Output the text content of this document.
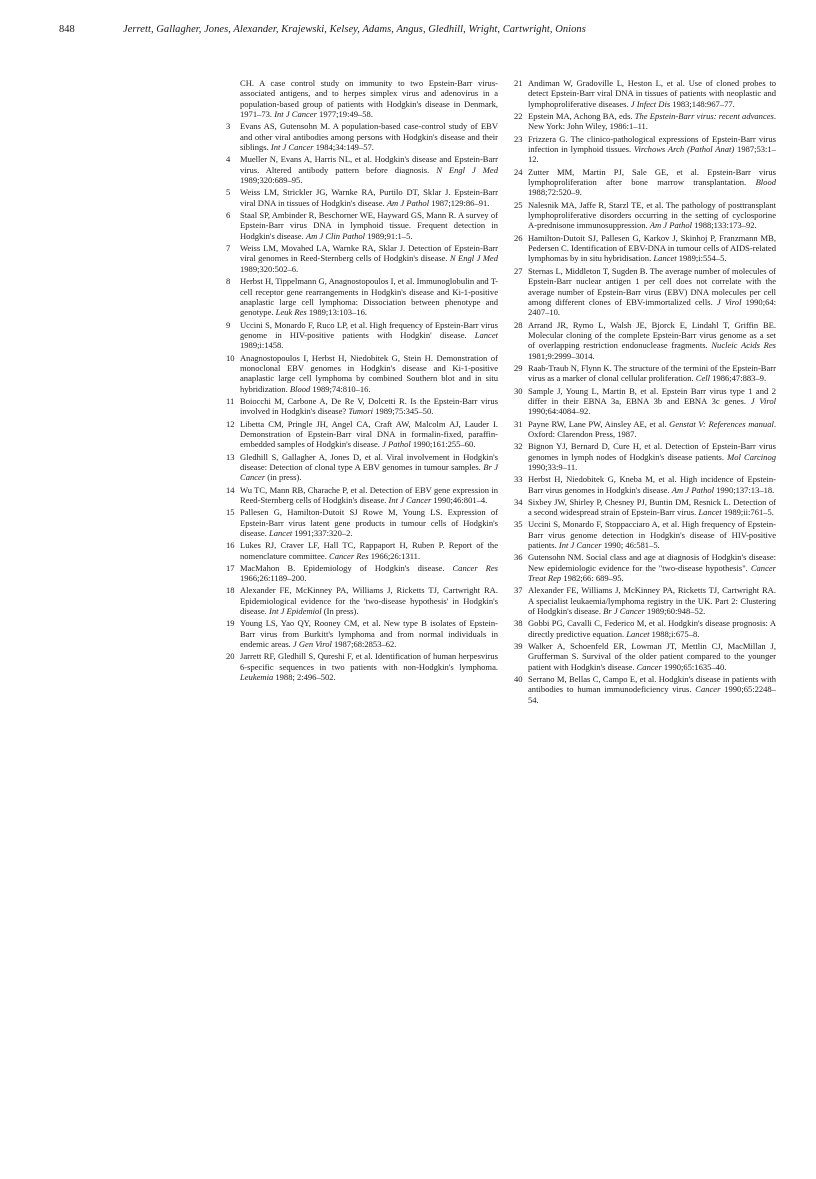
848	Jerrett, Gallagher, Jones, Alexander, Krajewski, Kelsey, Adams, Angus, Gledhill, Wright, Cartwright, Onions
CH. A case control study on immunity to two Epstein-Barr virus-associated antigens, and to herpes simplex virus and adenovirus in a population-based group of patients with Hodgkin's disease in Denmark, 1971–73. Int J Cancer 1977;19:49–58.
3	Evans AS, Gutensohn M. A population-based case-control study of EBV and other viral antibodies among persons with Hodgkin's disease and their siblings. Int J Cancer 1984;34:149–57.
4	Mueller N, Evans A, Harris NL, et al. Hodgkin's disease and Epstein-Barr virus. Altered antibody pattern before diagnosis. N Engl J Med 1989;320:689–95.
5	Weiss LM, Strickler JG, Warnke RA, Purtilo DT, Sklar J. Epstein-Barr viral DNA in tissues of Hodgkin's disease. Am J Pathol 1987;129:86–91.
6	Staal SP, Ambinder R, Beschorner WE, Hayward GS, Mann R. A survey of Epstein-Barr virus DNA in lymphoid tissue. Frequent detection in Hodgkin's disease. Am J Clin Pathol 1989;91:1–5.
7	Weiss LM, Movahed LA, Warnke RA, Sklar J. Detection of Epstein-Barr viral genomes in Reed-Sternberg cells of Hodgkin's disease. N Engl J Med 1989;320:502–6.
8	Herbst H, Tippelmann G, Anagnostopoulos I, et al. Immunoglobulin and T-cell receptor gene rearrangements in Hodgkin's disease and Ki-1-positive anaplastic large cell lymphoma: Dissociation between phenotype and genotype. Leuk Res 1989;13:103–16.
9	Uccini S, Monardo F, Ruco LP, et al. High frequency of Epstein-Barr virus genome in HIV-positive patients with Hodgkin' disease. Lancet 1989;i:1458.
10 Anagnostopoulos I, Herbst H, Niedobitek G, Stein H. Demonstration of monoclonal EBV genomes in Hodgkin's disease and Ki-1-positive anaplastic large cell lymphoma by combined Southern blot and in situ hybridization. Blood 1989;74:810–16.
11 Boiocchi M, Carbone A, De Re V, Dolcetti R. Is the Epstein-Barr virus involved in Hodgkin's disease? Tumori 1989;75:345–50.
12 Libetta CM, Pringle JH, Angel CA, Craft AW, Malcolm AJ, Lauder I. Demonstration of Epstein-Barr viral DNA in formalin-fixed, paraffin-embedded samples of Hodgkin's disease. J Pathol 1990;161:255–60.
13 Gledhill S, Gallagher A, Jones D, et al. Viral involvement in Hodgkin's disease: Detection of clonal type A EBV genomes in tumour samples. Br J Cancer (in press).
14 Wu TC, Mann RB, Charache P, et al. Detection of EBV gene expression in Reed-Sternberg cells of Hodgkin's disease. Int J Cancer 1990;46:801–4.
15 Pallesen G, Hamilton-Dutoit SJ Rowe M, Young LS. Expression of Epstein-Barr virus latent gene products in tumour cells of Hodgkin's disease. Lancet 1991;337:320–2.
16 Lukes RJ, Craver LF, Hall TC, Rappaport H, Ruben P. Report of the nomenclature committee. Cancer Res 1966;26:1311.
17 MacMahon B. Epidemiology of Hodgkin's disease. Cancer Res 1966;26:1189–200.
18 Alexander FE, McKinney PA, Williams J, Ricketts TJ, Cartwright RA. Epidemiological evidence for the 'two-disease hypothesis' in Hodgkin's disease. Int J Epidemiol (In press).
19 Young LS, Yao QY, Rooney CM, et al. New type B isolates of Epstein-Barr virus from Burkitt's lymphoma and from normal individuals in endemic areas. J Gen Virol 1987;68:2853–62.
20 Jarrett RF, Gledhill S, Qureshi F, et al. Identification of human herpesvirus 6-specific sequences in two patients with non-Hodgkin's lymphoma. Leukemia 1988; 2:496–502.
21 Andiman W, Gradoville L, Heston L, et al. Use of cloned probes to detect Epstein-Barr viral DNA in tissues of patients with neoplastic and lymphoproliferative diseases. J Infect Dis 1983;148:967–77.
22 Epstein MA, Achong BA, eds. The Epstein-Barr virus: recent advances. New York: John Wiley, 1986:1–11.
23 Frizzera G. The clinico-pathological expressions of Epstein-Barr virus infection in lymphoid tissues. Virchows Arch (Pathol Anat) 1987;53:1–12.
24 Zutter MM, Martin PJ, Sale GE, et al. Epstein-Barr virus lymphoproliferation after bone marrow transplantation. Blood 1988;72:520–9.
25 Nalesnik MA, Jaffe R, Starzl TE, et al. The pathology of posttransplant lymphoproliferative disorders occurring in the setting of cyclosporine A-prednisone immunosuppression. Am J Pathol 1988;133:173–92.
26 Hamilton-Dutoit SJ, Pallesen G, Karkov J, Skinhoj P, Franzmann MB, Pedersen C. Identification of EBV-DNA in tumour cells of AIDS-related lymphomas by in situ hybridisation. Lancet 1989;i:554–5.
27 Sternas L, Middleton T, Sugden B. The average number of molecules of Epstein-Barr nuclear antigen 1 per cell does not correlate with the average number of Epstein-Barr virus (EBV) DNA molecules per cell among different clones of EBV-immortalized cells. J Virol 1990;64: 2407–10.
28 Arrand JR, Rymo L, Walsh JE, Bjorck E, Lindahl T, Griffin BE. Molecular cloning of the complete Epstein-Barr virus genome as a set of overlapping restriction endonuclease fragments. Nucleic Acids Res 1981;9:2999–3014.
29 Raab-Traub N, Flynn K. The structure of the termini of the Epstein-Barr virus as a marker of clonal cellular proliferation. Cell 1986;47:883–9.
30 Sample J, Young L, Martin B, et al. Epstein Barr virus type 1 and 2 differ in their EBNA 3a, EBNA 3b and EBNA 3c genes. J Virol 1990;64:4084–92.
31 Payne RW, Lane PW, Ainsley AE, et al. Genstat V: References manual. Oxford: Clarendon Press, 1987.
32 Bignon YJ, Bernard D, Cure H, et al. Detection of Epstein-Barr virus genomes in lymph nodes of Hodgkin's disease patients. Mol Carcinog 1990;33:9–11.
33 Herbst H, Niedobitek G, Kneba M, et al. High incidence of Epstein-Barr virus genomes in Hodgkin's disease. Am J Pathol 1990;137:13–18.
34 Sixbey JW, Shirley P, Chesney PJ, Buntin DM, Resnick L. Detection of a second widespread strain of Epstein-Barr virus. Lancet 1989;ii:761–5.
35 Uccini S, Monardo F, Stoppacciaro A, et al. High frequency of Epstein-Barr virus genome detection in Hodgkin's disease of HIV-positive patients. Int J Cancer 1990; 46:581–5.
36 Gutensohn NM. Social class and age at diagnosis of Hodgkin's disease: New epidemiologic evidence for the "two-disease hypothesis". Cancer Treat Rep 1982;66: 689–95.
37 Alexander FE, Williams J, McKinney PA, Ricketts TJ, Cartwright RA. A specialist leukaemia/lymphoma registry in the UK. Part 2: Clustering of Hodgkin's disease. Br J Cancer 1989;60:948–52.
38 Gobbi PG, Cavalli C, Federico M, et al. Hodgkin's disease prognosis: A directly predictive equation. Lancet 1988;i:675–8.
39 Walker A, Schoenfeld ER, Lowman JT, Mettlin CJ, MacMillan J, Grufferman S. Survival of the older patient compared to the younger patient with Hodgkin's disease. Cancer 1990;65:1635–40.
40 Serrano M, Bellas C, Campo E, et al. Hodgkin's disease in patients with antibodies to human immunodeficiency virus. Cancer 1990;65:2248–54.
